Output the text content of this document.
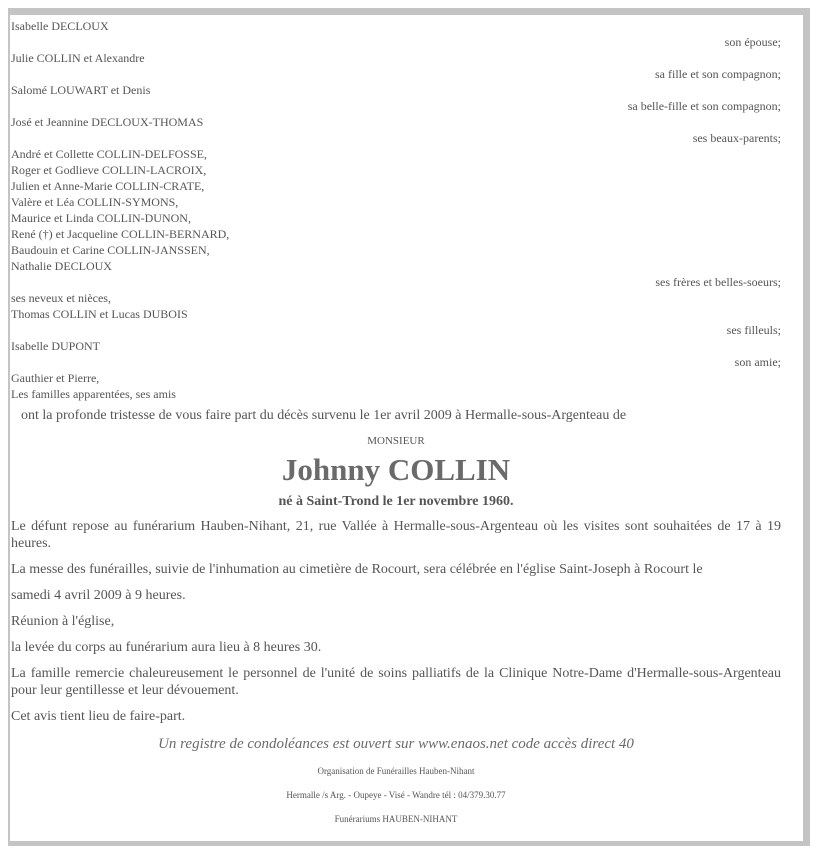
Isabelle DECLOUX
son épouse;
Julie COLLIN et Alexandre
sa fille et son compagnon;
Salomé LOUWART et Denis
sa belle-fille et son compagnon;
José et Jeannine DECLOUX-THOMAS
ses beaux-parents;
André et Collette COLLIN-DELFOSSE,
Roger et Godlieve COLLIN-LACROIX,
Julien et Anne-Marie COLLIN-CRATE,
Valère et Léa COLLIN-SYMONS,
Maurice et Linda COLLIN-DUNON,
René (†) et Jacqueline COLLIN-BERNARD,
Baudouin et Carine COLLIN-JANSSEN,
Nathalie DECLOUX
ses frères et belles-soeurs;
ses neveux et nièces,
Thomas COLLIN et Lucas DUBOIS
ses filleuls;
Isabelle DUPONT
son amie;
Gauthier et Pierre,
Les familles apparentées, ses amis
ont la profonde tristesse de vous faire part du décès survenu le 1er avril 2009 à Hermalle-sous-Argenteau de
MONSIEUR
Johnny COLLIN
né à Saint-Trond le 1er novembre 1960.
Le défunt repose au funérarium Hauben-Nihant, 21, rue Vallée à Hermalle-sous-Argenteau où les visites sont souhaitées de 17 à 19 heures.
La messe des funérailles, suivie de l'inhumation au cimetière de Rocourt, sera célébrée en l'église Saint-Joseph à Rocourt le
samedi 4 avril 2009 à 9 heures.
Réunion à l'église,
la levée du corps au funérarium aura lieu à 8 heures 30.
La famille remercie chaleureusement le personnel de l'unité de soins palliatifs de la Clinique Notre-Dame d'Hermalle-sous-Argenteau pour leur gentillesse et leur dévouement.
Cet avis tient lieu de faire-part.
Un registre de condoléances est ouvert sur www.enaos.net code accès direct 40
Organisation de Funérailles Hauben-Nihant
Hermalle /s Arg. - Oupeye - Visé - Wandre tél : 04/379.30.77
Funérariums HAUBEN-NIHANT
